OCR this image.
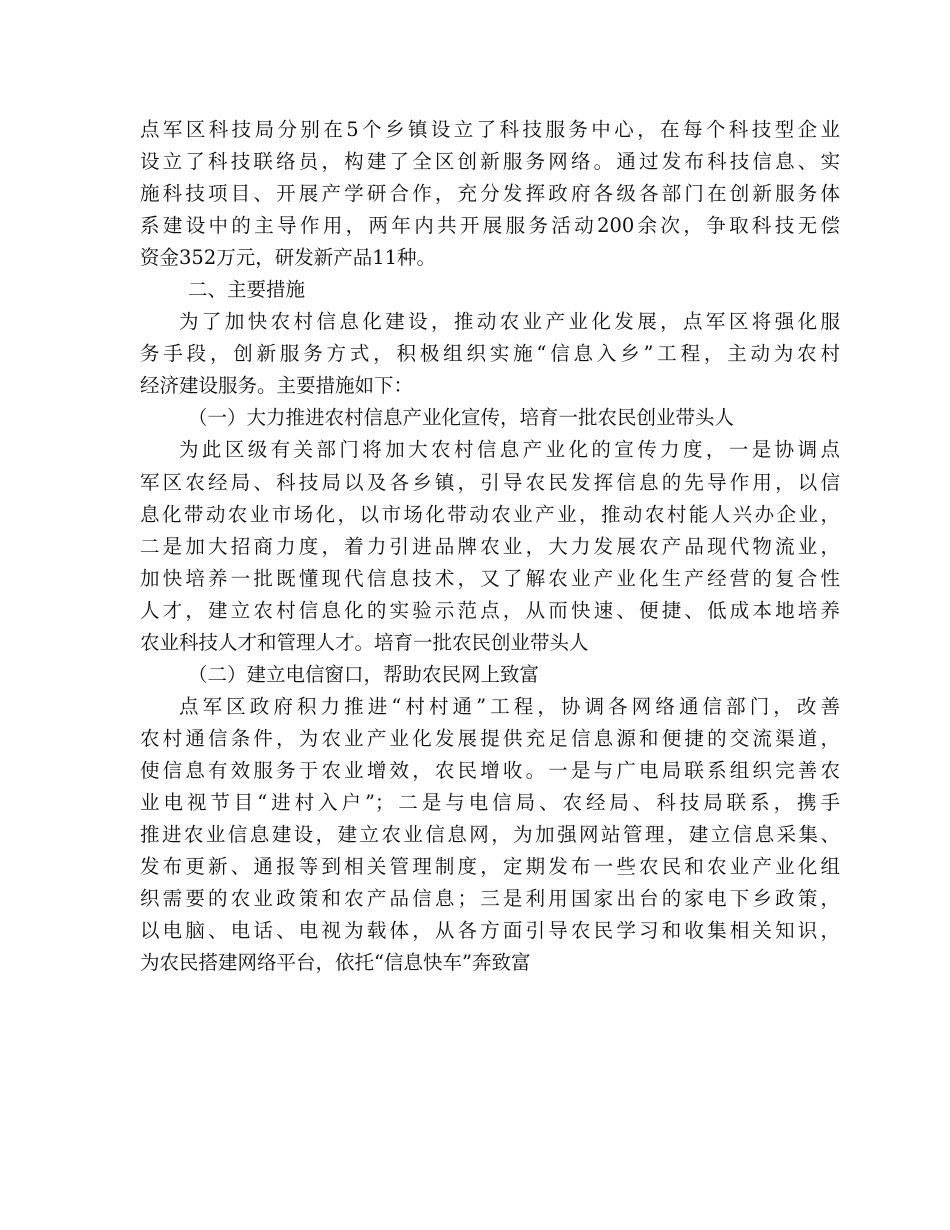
点军区科技局分别在5个乡镇设立了科技服务中心，在每个科技型企业
设立了科技联络员，构建了全区创新服务网络。通过发布科技信息、实
施科技项目、开展产学研合作，充分发挥政府各级各部门在创新服务体
系建设中的主导作用，两年内共开展服务活动200余次，争取科技无偿
资金352万元，研发新产品11种。
二、主要措施
为了加快农村信息化建设，推动农业产业化发展，点军区将强化服
务手段，创新服务方式，积极组织实施“信息入乡”工程，主动为农村
经济建设服务。主要措施如下：
（一）大力推进农村信息产业化宣传，培育一批农民创业带头人
为此区级有关部门将加大农村信息产业化的宣传力度，一是协调点
军区农经局、科技局以及各乡镇，引导农民发挥信息的先导作用，以信
息化带动农业市场化，以市场化带动农业产业，推动农村能人兴办企业，
二是加大招商力度，着力引进品牌农业，大力发展农产品现代物流业，
加快培养一批既懂现代信息技术，又了解农业产业化生产经营的复合性
人才，建立农村信息化的实验示范点，从而快速、便捷、低成本地培养
农业科技人才和管理人才。培育一批农民创业带头人
（二）建立电信窗口，帮助农民网上致富
点军区政府积力推进“村村通”工程，协调各网络通信部门，改善
农村通信条件，为农业产业化发展提供充足信息源和便捷的交流渠道，
使信息有效服务于农业增效，农民增收。一是与广电局联系组织完善农
业电视节目“进村入户”；二是与电信局、农经局、科技局联系，携手
推进农业信息建设，建立农业信息网，为加强网站管理，建立信息采集、
发布更新、通报等到相关管理制度，定期发布一些农民和农业产业化组
织需要的农业政策和农产品信息；三是利用国家出台的家电下乡政策，
以电脑、电话、电视为载体，从各方面引导农民学习和收集相关知识，
为农民搭建网络平台，依托“信息快车”奔致富
